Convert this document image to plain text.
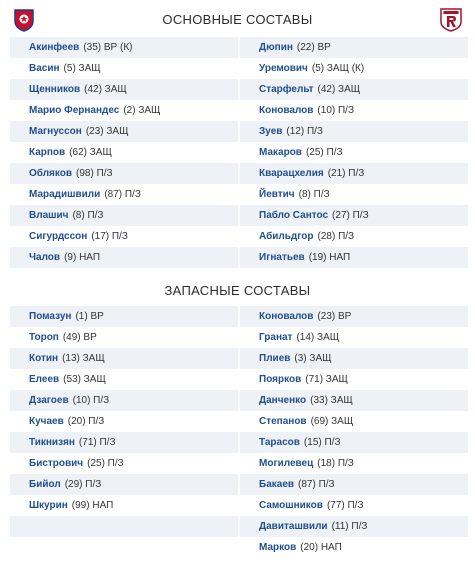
ОСНОВНЫЕ СОСТАВЫ
Акинфеев (35) ВР (К)
Васин (5) ЗАЩ
Щенников (42) ЗАЩ
Марио Фернандес (2) ЗАЩ
Магнуссон (23) ЗАЩ
Карпов (62) ЗАЩ
Обляков (98) П/З
Марадишвили (87) П/З
Влашич (8) П/З
Сигурдссон (17) П/З
Чалов (9) НАП
Дюпин (22) ВР
Уремович (5) ЗАЩ (К)
Старфельт (42) ЗАЩ
Коновалов (10) П/З
Зуев (12) П/З
Макаров (25) П/З
Кварацхелия (21) П/З
Йевтич (8) П/З
Пабло Сантос (27) П/З
Абильдгор (28) П/З
Игнатьев (19) НАП
ЗАПАСНЫЕ СОСТАВЫ
Помазун (1) ВР
Тороп (49) ВР
Котин (13) ЗАЩ
Елеев (53) ЗАЩ
Дзагоев (10) П/З
Кучаев (20) П/З
Тикнизян (71) П/З
Бистрович (25) П/З
Бийол (29) П/З
Шкурин (99) НАП
Коновалов (23) ВР
Гранат (14) ЗАЩ
Плиев (3) ЗАЩ
Поярков (71) ЗАЩ
Данченко (33) ЗАЩ
Степанов (69) ЗАЩ
Тарасов (15) П/З
Могилевец (18) П/З
Бакаев (87) П/З
Самошников (77) П/З
Давиташвили (11) П/З
Марков (20) НАП
